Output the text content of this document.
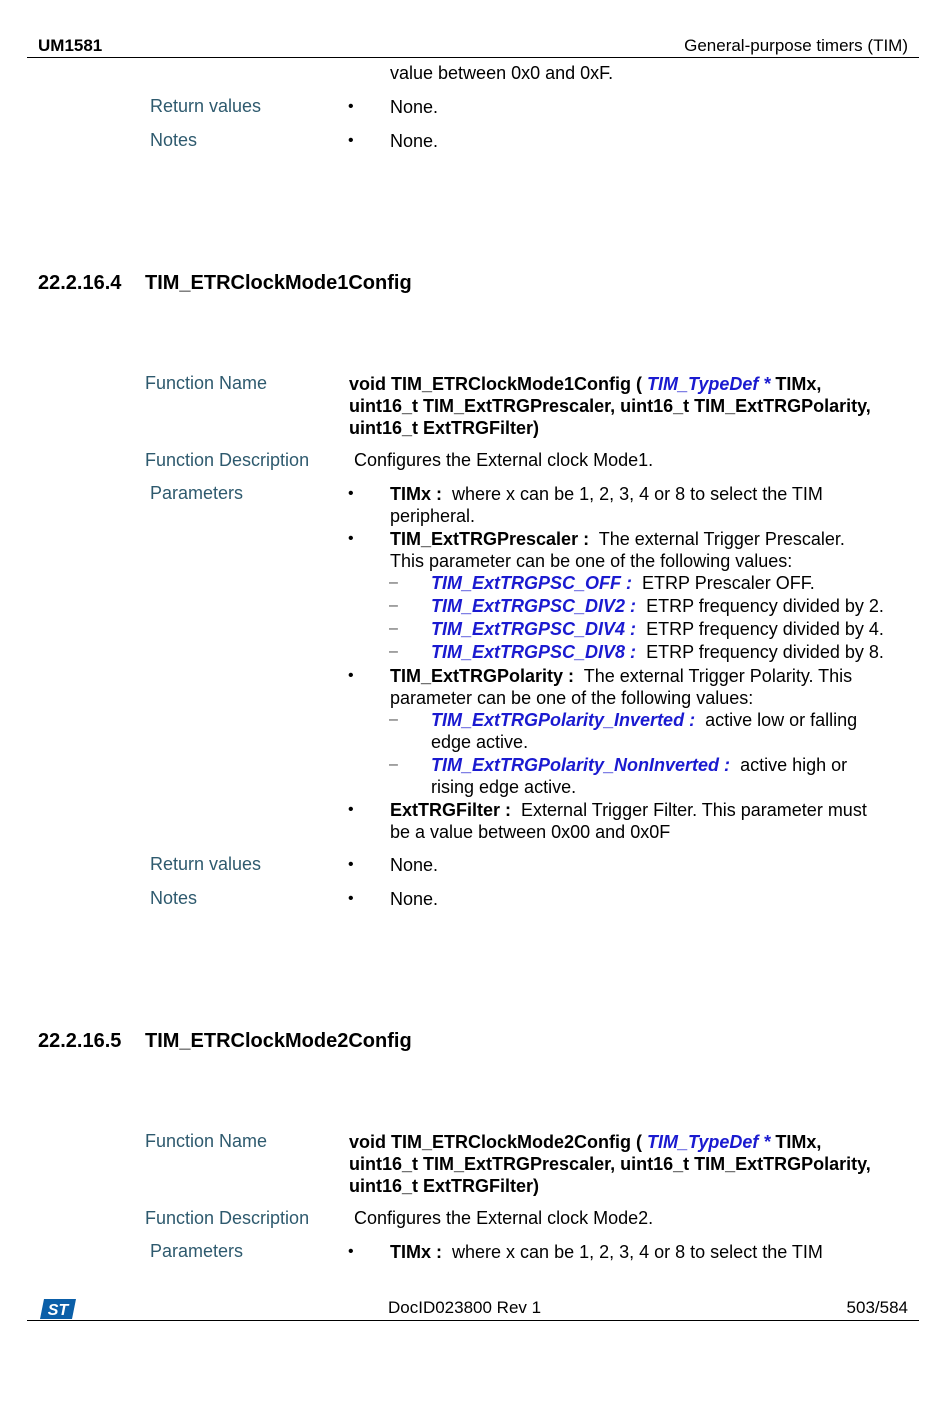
UM1581	General-purpose timers (TIM)
value between 0x0 and 0xF.
Return values	• None.
Notes	• None.
22.2.16.4 TIM_ETRClockMode1Config
Function Name	void TIM_ETRClockMode1Config ( TIM_TypeDef * TIMx,
uint16_t TIM_ExtTRGPrescaler, uint16_t TIM_ExtTRGPolarity,
uint16_t ExtTRGFilter)
Function Description Configures the External clock Mode1.
Parameters	• TIMx : where x can be 1, 2, 3, 4 or 8 to select the TIM
peripheral.
• TIM_ExtTRGPrescaler : The external Trigger Prescaler.
This parameter can be one of the following values:
– TIM_ExtTRGPSC_OFF : ETRP Prescaler OFF.
– TIM_ExtTRGPSC_DIV2 : ETRP frequency divided by 2.
– TIM_ExtTRGPSC_DIV4 : ETRP frequency divided by 4.
– TIM_ExtTRGPSC_DIV8 : ETRP frequency divided by 8.
• TIM_ExtTRGPolarity : The external Trigger Polarity. This
parameter can be one of the following values:
– TIM_ExtTRGPolarity_Inverted : active low or falling
edge active.
– TIM_ExtTRGPolarity_NonInverted : active high or
rising edge active.
• ExtTRGFilter : External Trigger Filter. This parameter must
be a value between 0x00 and 0x0F
Return values	• None.
Notes	• None.
22.2.16.5 TIM_ETRClockMode2Config
Function Name	void TIM_ETRClockMode2Config ( TIM_TypeDef * TIMx,
uint16_t TIM_ExtTRGPrescaler, uint16_t TIM_ExtTRGPolarity,
uint16_t ExtTRGFilter)
Function Description Configures the External clock Mode2.
Parameters	• TIMx : where x can be 1, 2, 3, 4 or 8 to select the TIM
ST	DocID023800 Rev 1	503/584
